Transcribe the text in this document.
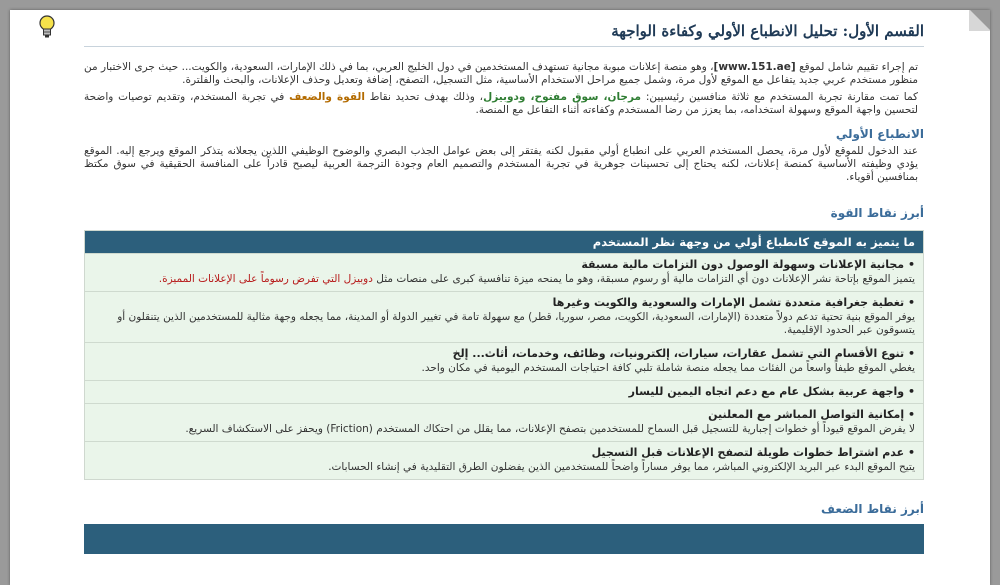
القسم الأول: تحليل الانطباع الأولي وكفاءة الواجهة
تم إجراء تقييم شامل لموقع [www.151.ae]، وهو منصة إعلانات مبوبة مجانية تستهدف المستخدمين في دول الخليج العربي، بما في ذلك الإمارات، السعودية، والكويت... حيث جرى الاختبار من منظور مستخدم عربي جديد يتفاعل مع الموقع لأول مرة، وشمل جميع مراحل الاستخدام الأساسية، مثل التسجيل، التصفح، إضافة وتعديل وحذف الإعلانات، والبحث والفلترة.
كما تمت مقارنة تجربة المستخدم مع ثلاثة منافسين رئيسيين: مرجان، سوق مفتوح، ودوبيزل، وذلك بهدف تحديد نقاط القوة والضعف في تجربة المستخدم، وتقديم توصيات واضحة لتحسين واجهة الموقع وسهولة استخدامه، بما يعزز من رضا المستخدم وكفاءته أثناء التفاعل مع المنصة.
الانطباع الأولي
عند الدخول للموقع لأول مرة، يحصل المستخدم العربي على انطباع أولي مقبول لكنه يفتقر إلى بعض عوامل الجذب البصري والوضوح الوظيفي اللذين يجعلانه يتذكر الموقع ويرجع إليه. الموقع يؤدي وظيفته الأساسية كمنصة إعلانات، لكنه يحتاج إلى تحسينات جوهرية في تجربة المستخدم والتصميم العام وجودة الترجمة العربية ليصبح قادراً على المنافسة الحقيقية في سوق مكتظ بمنافسين أقوياء.
أبرز نقاط القوة
ما يتميز به الموقع كانطباع أولي من وجهة نظر المستخدم
• مجانية الإعلانات وسهولة الوصول دون التزامات مالية مسبقة
يتميز الموقع بإتاحة نشر الإعلانات دون أي التزامات مالية أو رسوم مسبقة، وهو ما يمنحه ميزة تنافسية كبرى على منصات مثل دوبيزل التي تفرض رسوماً على الإعلانات المميزة.
• تغطية جغرافية متعددة تشمل الإمارات والسعودية والكويت وغيرها
يوفر الموقع بنية تحتية تدعم دولاً متعددة (الإمارات، السعودية، الكويت، مصر، سوريا، قطر) مع سهولة تامة في تغيير الدولة أو المدينة، مما يجعله وجهة مثالية للمستخدمين الذين يتنقلون أو يتسوقون عبر الحدود الإقليمية.
• تنوع الأقسام التي تشمل عقارات، سيارات، إلكترونيات، وظائف، وخدمات، أثاث... إلخ
يغطي الموقع طيفاً واسعاً من الفئات مما يجعله منصة شاملة تلبي كافة احتياجات المستخدم اليومية في مكان واحد.
• واجهة عربية بشكل عام مع دعم اتجاه اليمين لليسار
• إمكانية التواصل المباشر مع المعلنين
لا يفرض الموقع قيوداً أو خطوات إجبارية للتسجيل قبل السماح للمستخدمين بتصفح الإعلانات، مما يقلل من احتكاك المستخدم (Friction) ويحفز على الاستكشاف السريع.
• عدم اشتراط خطوات طويلة لتصفح الإعلانات قبل التسجيل
يتيح الموقع البدء عبر البريد الإلكتروني المباشر، مما يوفر مساراً واضحاً للمستخدمين الذين يفضلون الطرق التقليدية في إنشاء الحسابات.
أبرز نقاط الضعف
